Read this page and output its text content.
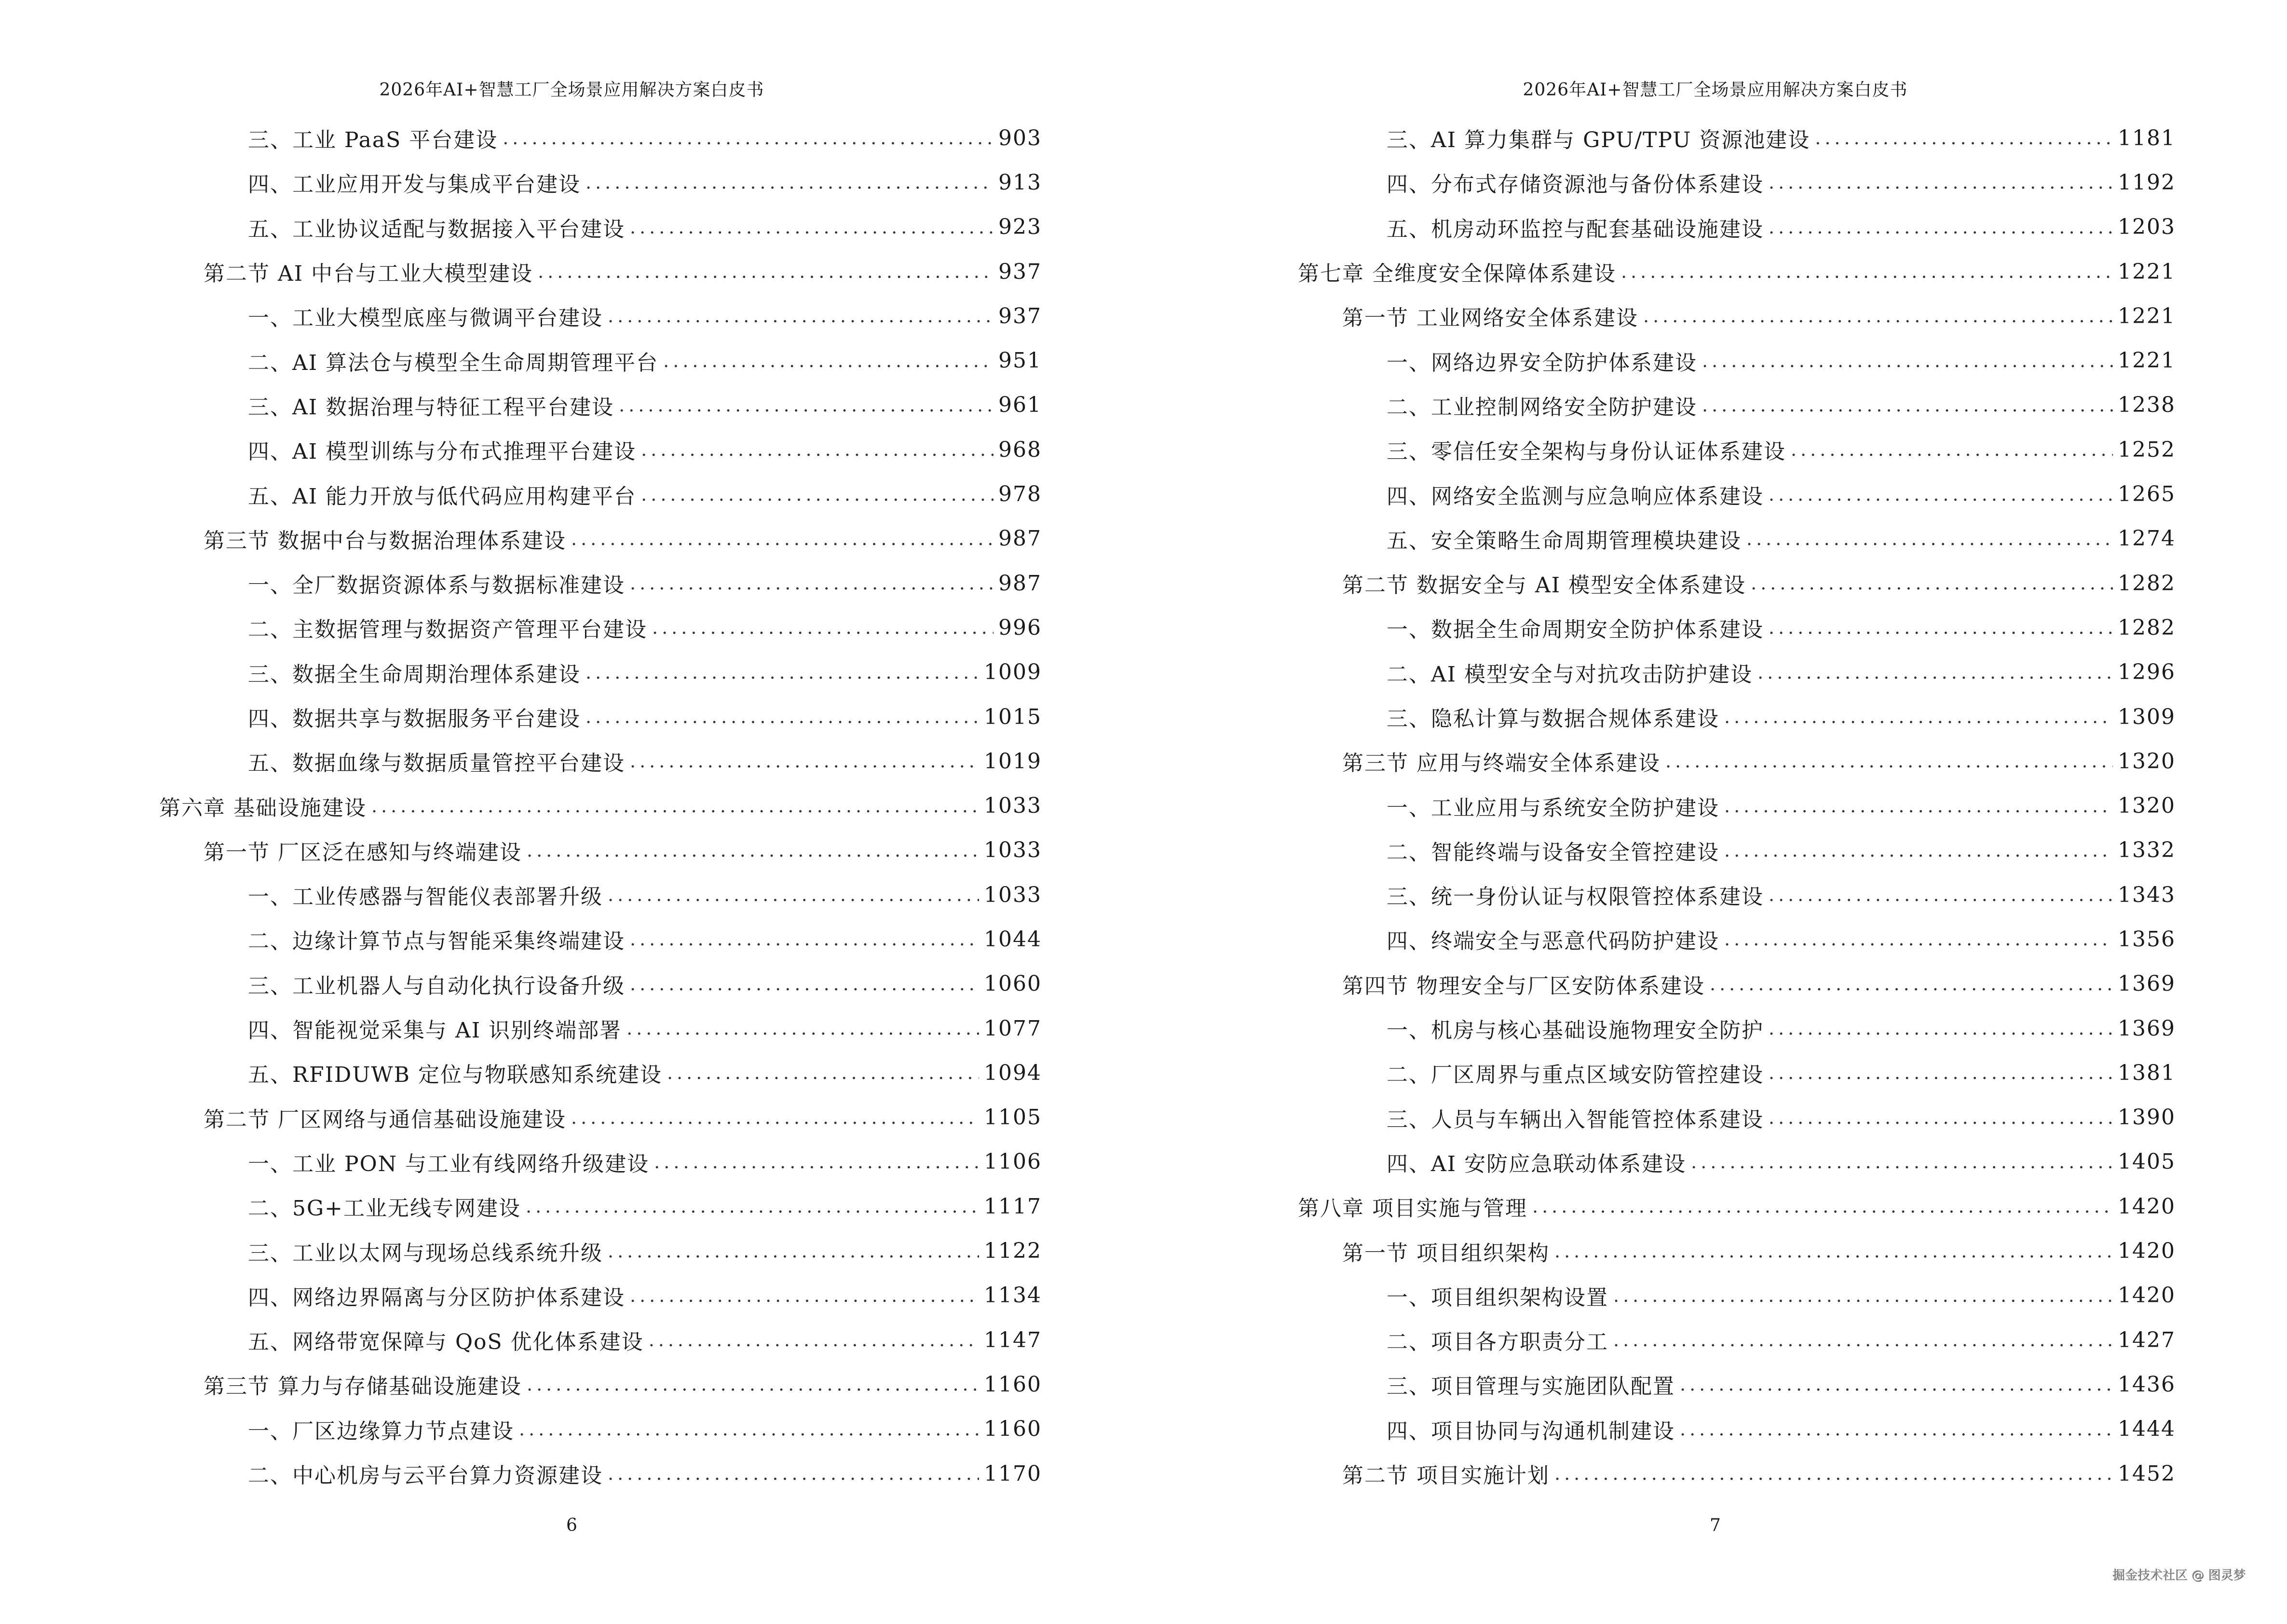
2026年AI+智慧工厂全场景应用解决方案白皮书
三、工业 PaaS 平台建设 .....	903
四、工业应用开发与集成平台建设 .....	913
五、工业协议适配与数据接入平台建设 .....	923
第二节 AI 中台与工业大模型建设 .....	937
一、工业大模型底座与微调平台建设 .....	937
二、AI 算法仓与模型全生命周期管理平台 .....	951
三、AI 数据治理与特征工程平台建设 .....	961
四、AI 模型训练与分布式推理平台建设 .....	968
五、AI 能力开放与低代码应用构建平台 .....	978
第三节 数据中台与数据治理体系建设 .....	987
一、全厂数据资源体系与数据标准建设 .....	987
二、主数据管理与数据资产管理平台建设 .....	996
三、数据全生命周期治理体系建设 .....	1009
四、数据共享与数据服务平台建设 .....	1015
五、数据血缘与数据质量管控平台建设 .....	1019
第六章 基础设施建设 .....	1033
第一节 厂区泛在感知与终端建设 .....	1033
一、工业传感器与智能仪表部署升级 .....	1033
二、边缘计算节点与智能采集终端建设 .....	1044
三、工业机器人与自动化执行设备升级 .....	1060
四、智能视觉采集与 AI 识别终端部署 .....	1077
五、RFIDUWB 定位与物联感知系统建设 .....	1094
第二节 厂区网络与通信基础设施建设 .....	1105
一、工业 PON 与工业有线网络升级建设 .....	1106
二、5G+工业无线专网建设 .....	1117
三、工业以太网与现场总线系统升级 .....	1122
四、网络边界隔离与分区防护体系建设 .....	1134
五、网络带宽保障与 QoS 优化体系建设 .....	1147
第三节 算力与存储基础设施建设 .....	1160
一、厂区边缘算力节点建设 .....	1160
二、中心机房与云平台算力资源建设 .....	1170
6
2026年AI+智慧工厂全场景应用解决方案白皮书
三、AI 算力集群与 GPU/TPU 资源池建设 .....	1181
四、分布式存储资源池与备份体系建设 .....	1192
五、机房动环监控与配套基础设施建设 .....	1203
第七章 全维度安全保障体系建设 .....	1221
第一节 工业网络安全体系建设 .....	1221
一、网络边界安全防护体系建设 .....	1221
二、工业控制网络安全防护建设 .....	1238
三、零信任安全架构与身份认证体系建设 .....	1252
四、网络安全监测与应急响应体系建设 .....	1265
五、安全策略生命周期管理模块建设 .....	1274
第二节 数据安全与 AI 模型安全体系建设 .....	1282
一、数据全生命周期安全防护体系建设 .....	1282
二、AI 模型安全与对抗攻击防护建设 .....	1296
三、隐私计算与数据合规体系建设 .....	1309
第三节 应用与终端安全体系建设 .....	1320
一、工业应用与系统安全防护建设 .....	1320
二、智能终端与设备安全管控建设 .....	1332
三、统一身份认证与权限管控体系建设 .....	1343
四、终端安全与恶意代码防护建设 .....	1356
第四节 物理安全与厂区安防体系建设 .....	1369
一、机房与核心基础设施物理安全防护 .....	1369
二、厂区周界与重点区域安防管控建设 .....	1381
三、人员与车辆出入智能管控体系建设 .....	1390
四、AI 安防应急联动体系建设 .....	1405
第八章 项目实施与管理 .....	1420
第一节 项目组织架构 .....	1420
一、项目组织架构设置 .....	1420
二、项目各方职责分工 .....	1427
三、项目管理与实施团队配置 .....	1436
四、项目协同与沟通机制建设 .....	1444
第二节 项目实施计划 .....	1452
7
掘金技术社区 @ 图灵梦
